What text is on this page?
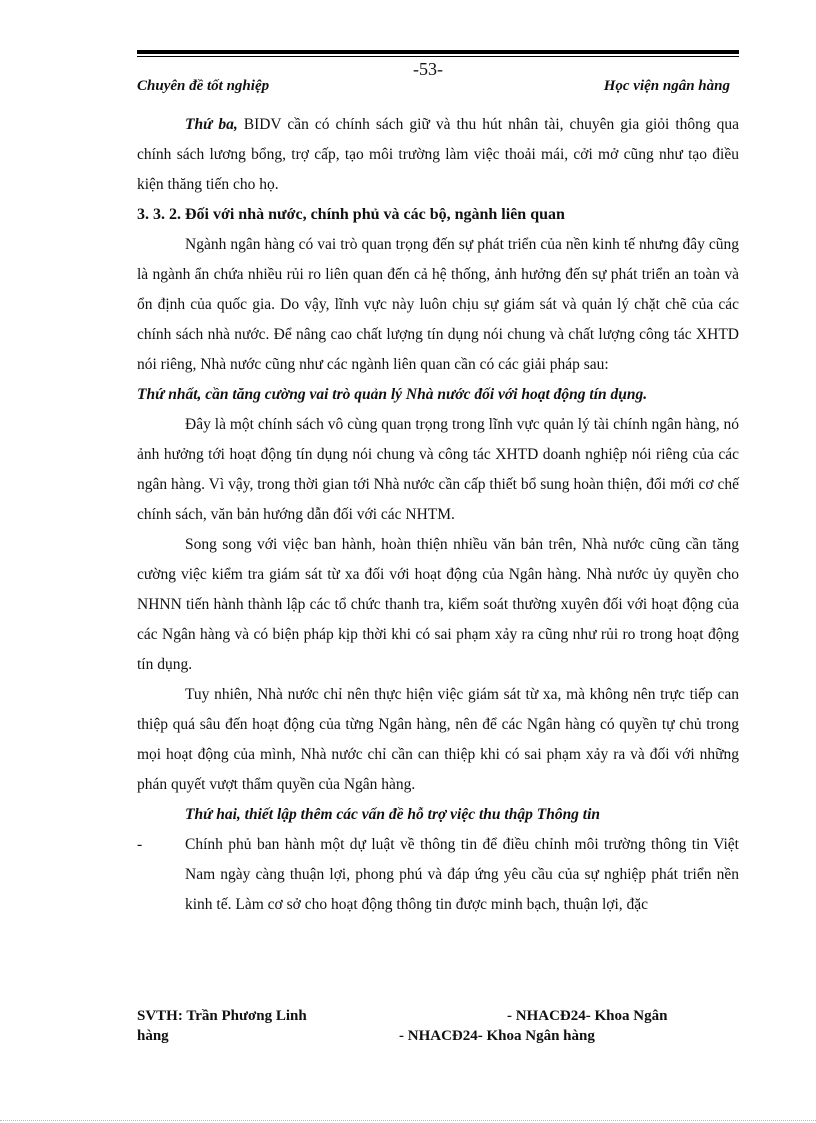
-53-
Chuyên đề tốt nghiệp	Học viện ngân hàng

Thứ ba, BIDV cần có chính sách giữ và thu hút nhân tài, chuyên gia giỏi thông qua chính sách lương bổng, trợ cấp, tạo môi trường làm việc thoải mái, cởi mở cũng như tạo điều kiện thăng tiến cho họ.

3. 3. 2. Đối với nhà nước, chính phủ và các bộ, ngành liên quan

Ngành ngân hàng có vai trò quan trọng đến sự phát triển của nền kinh tế nhưng đây cũng là ngành ẩn chứa nhiều rủi ro liên quan đến cả hệ thống, ảnh hưởng đến sự phát triển an toàn và ổn định của quốc gia. Do vậy, lĩnh vực này luôn chịu sự giám sát và quản lý chặt chẽ của các chính sách nhà nước. Để nâng cao chất lượng tín dụng nói chung và chất lượng công tác XHTD nói riêng, Nhà nước cũng như các ngành liên quan cần có các giải pháp sau:

Thứ nhất, cần tăng cường vai trò quản lý Nhà nước đối với hoạt động tín dụng.

Đây là một chính sách vô cùng quan trọng trong lĩnh vực quản lý tài chính ngân hàng, nó ảnh hưởng tới hoạt động tín dụng nói chung và công tác XHTD doanh nghiệp nói riêng của các ngân hàng. Vì vậy, trong thời gian tới Nhà nước cần cấp thiết bổ sung hoàn thiện, đổi mới cơ chế chính sách, văn bản hướng dẫn đối với các NHTM.

Song song với việc ban hành, hoàn thiện nhiều văn bản trên, Nhà nước cũng cần tăng cường việc kiểm tra giám sát từ xa đối với hoạt động của Ngân hàng. Nhà nước ủy quyền cho NHNN tiến hành thành lập các tổ chức thanh tra, kiểm soát thường xuyên đối với hoạt động của các Ngân hàng và có biện pháp kịp thời khi có sai phạm xảy ra cũng như rủi ro trong hoạt động tín dụng.

Tuy nhiên, Nhà nước chỉ nên thực hiện việc giám sát từ xa, mà không nên trực tiếp can thiệp quá sâu đến hoạt động của từng Ngân hàng, nên để các Ngân hàng có quyền tự chủ trong mọi hoạt động của mình, Nhà nước chỉ cần can thiệp khi có sai phạm xảy ra và đối với những phán quyết vượt thẩm quyền của Ngân hàng.

Thứ hai, thiết lập thêm các vấn đề hỗ trợ việc thu thập Thông tin

-	Chính phủ ban hành một dự luật về thông tin để điều chỉnh môi trường thông tin Việt Nam ngày càng thuận lợi, phong phú và đáp ứng yêu cầu của sự nghiệp phát triển nền kinh tế. Làm cơ sở cho hoạt động thông tin được minh bạch, thuận lợi, đặc
SVTH: Trần Phương Linh	- NHACĐ24- Khoa Ngân
hàng	- NHACĐ24- Khoa Ngân hàng
